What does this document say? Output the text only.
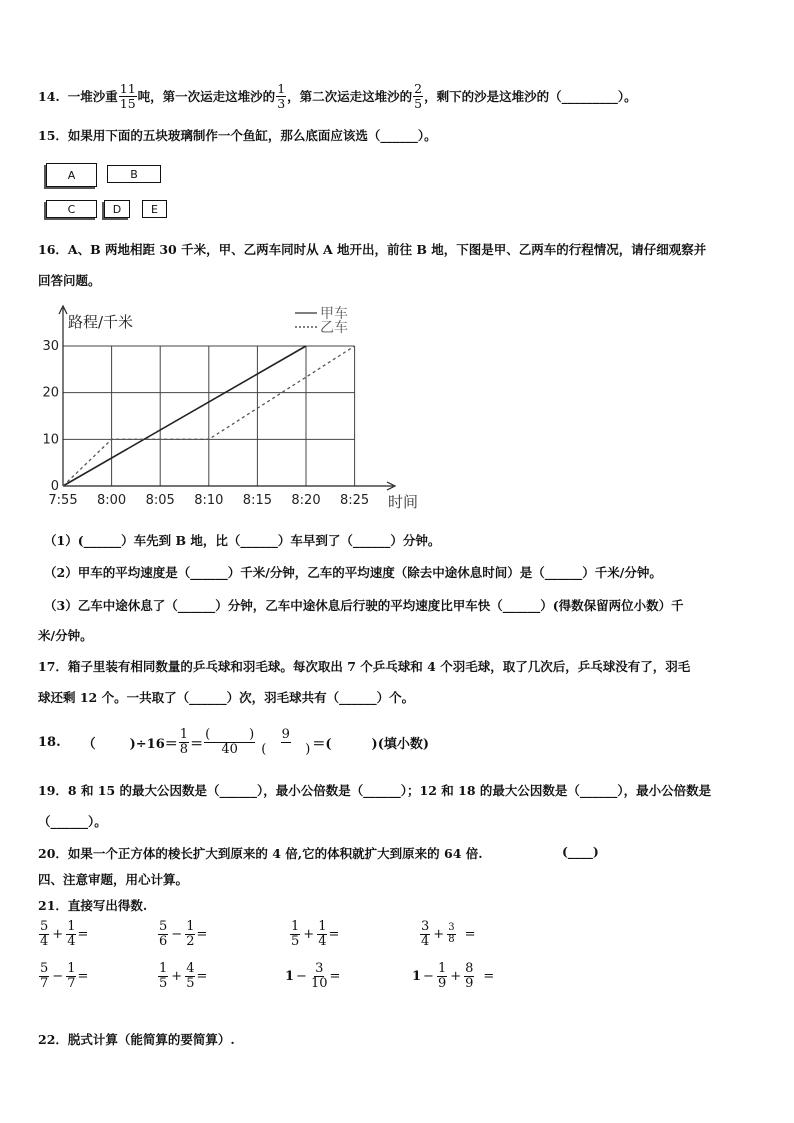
14. 一堆沙重 $\frac{11}{15}$ 吨，第一次运走这堆沙的 $\frac{1}{3}$ ，第二次运走这堆沙的 $\frac{2}{5}$ ，剩下的沙是这堆沙的（_________）。
15．如果用下面的五块玻璃制作一个鱼缸，那么底面应该选（______）。
A	B
C	D	E
16．A、B 两地相距 30 千米，甲、乙两车同时从 A 地开出，前往 B 地，下图是甲、乙两车的行程情况，请仔细观察并
回答问题。
0
10
20
30
7:55 8:00 8:05 8:10 8:15 8:20 8:25
路程/千米
时间
甲车
乙车
（1）(______）车先到 B 地，比（______）车早到了（______）分钟。
（2）甲车的平均速度是（______）千米/分钟，乙车的平均速度（除去中途休息时间）是（______）千米/分钟。
（3）乙车中途休息了（______）分钟，乙车中途休息后行驶的平均速度比甲车快（______）(得数保留两位小数）千
米/分钟。
17．箱子里装有相同数量的乒乓球和羽毛球。每次取出 7 个乒乓球和 4 个羽毛球，取了几次后，乒乓球没有了，羽毛
球还剩 12 个。一共取了（______）次，羽毛球共有（______）个。
18. （	)$\div 16= \frac{1}{8} = \frac{( )}{40} \frac{9}{( )}$ ＝(	)(填小数)
19．8 和 15 的最大公因数是（______），最小公倍数是（______）；12 和 18 的最大公因数是（______），最小公倍数是
（______）。
20．如果一个正方体的棱长扩大到原来的 4 倍,它的体积就扩大到原来的 64 倍.	(____)
四、注意审题，用心计算。
21．直接写出得数.
$\frac{5}{4} + \frac{1}{4}$ =	$\frac{5}{6} - \frac{1}{2}$ =	$\frac{1}{5} + \frac{1}{4}$ =	$\frac{3}{4} + \frac{3}{8}$ =
$\frac{5}{7} - \frac{1}{7}$ =	$\frac{1}{5} + \frac{4}{5}$ =	$1 - \frac{3}{10}$ =	$1 - \frac{1}{9} + \frac{8}{9}$ =
22．脱式计算（能简算的要简算）.
